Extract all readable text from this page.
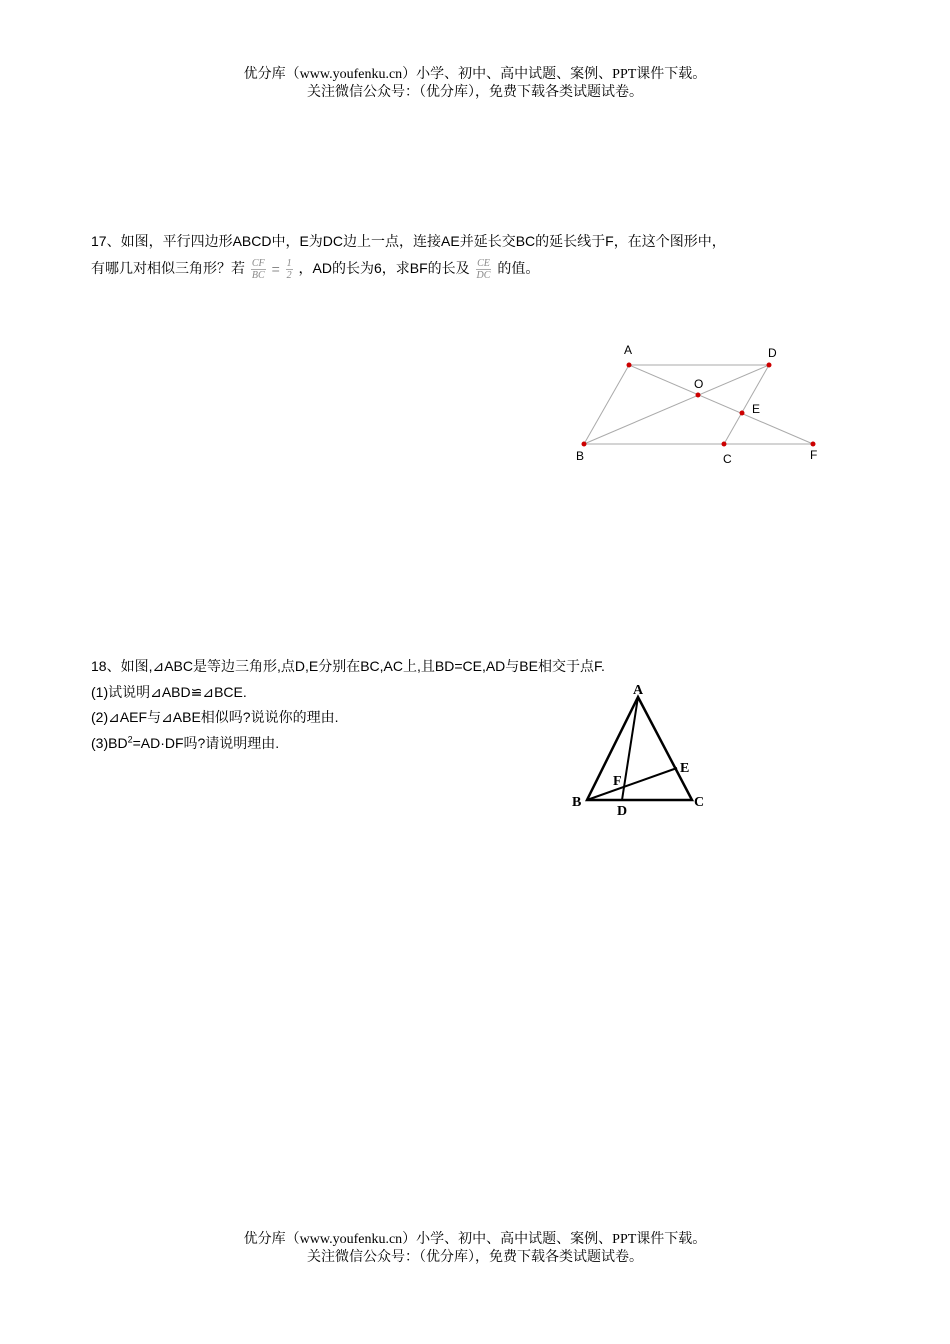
优分库（www.youfenku.cn）小学、初中、高中试题、案例、PPT课件下载。
关注微信公众号：（优分库），免费下载各类试题试卷。
17、如图，平行四边形ABCD中，E为DC边上一点，连接AE并延长交BC的延长线于F，在这个图形中，
有哪几对相似三角形？若 $\frac{CF}{BC} = \frac{1}{2}$ ，AD的长为6，求BF的长及 $\frac{CE}{DC}$ 的值。
A	D
O
E
B	C	F
18、如图,⊿ABC是等边三角形,点D,E分别在BC,AC上,且BD=CE,AD与BE相交于点F.
(1)试说明⊿ABD≌⊿BCE.
(2)⊿AEF与⊿ABE相似吗?说说你的理由.
$(3)BD^2=AD\cdot DF$吗?请说明理由.
A
B	C
D
E
F
优分库（www.youfenku.cn）小学、初中、高中试题、案例、PPT课件下载。
关注微信公众号：（优分库），免费下载各类试题试卷。
